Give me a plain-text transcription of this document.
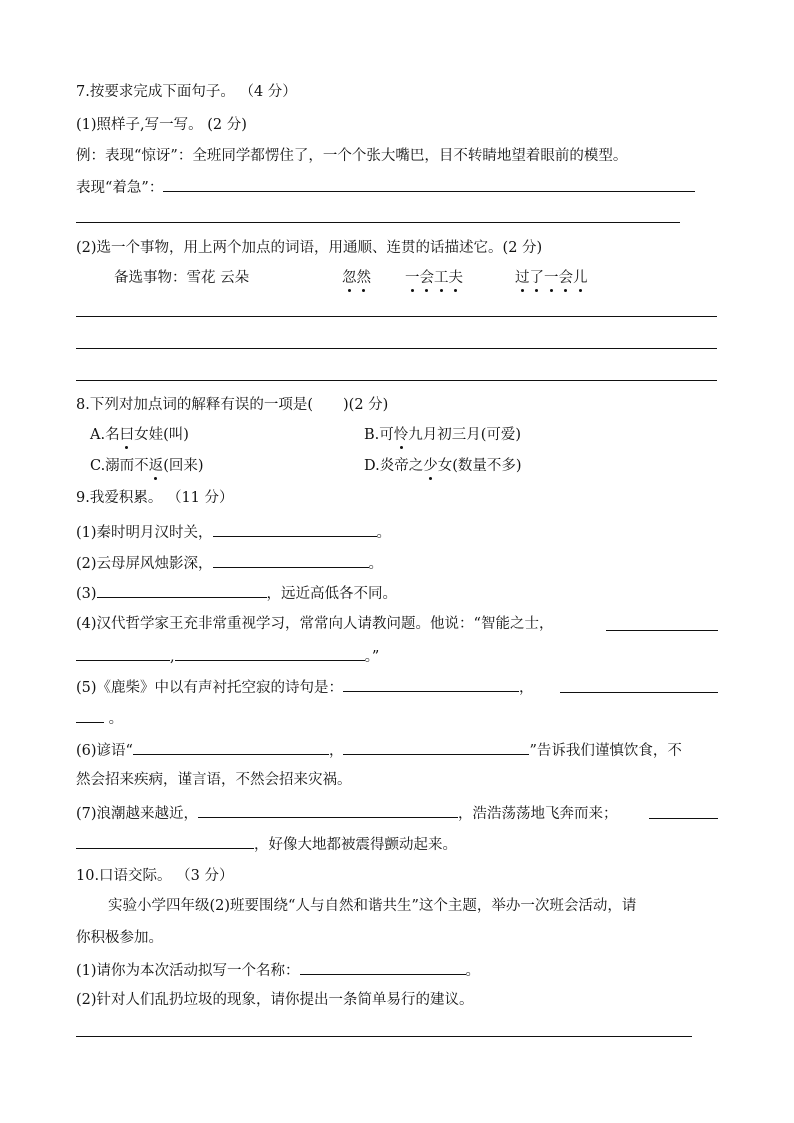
7.按要求完成下面句子。 （4 分）
(1)照样子,写一写。 (2 分)
例：表现“惊讶”：全班同学都愣住了，一个个张大嘴巴，目不转睛地望着眼前的模型。
表现“着急”：
(2)选一个事物，用上两个加点的词语，用通顺、连贯的话描述它。(2 分)
备选事物：雪花 云朵	忽然 一会工夫	过了一会儿
8.下列对加点词的解释有误的一项是( )(2 分)
A.名曰女娃(叫)	B.可怜九月初三月(可爱)
C.溺而不返(回来)	D.炎帝之少女(数量不多)
9.我爱积累。 （11 分）
(1)秦时明月汉时关，	。
(2)云母屏风烛影深，	。
(3)	，远近高低各不同。
(4)汉代哲学家王充非常重视学习，常常向人请教问题。他说：“智能之士，
,	。”
(5)《鹿柴》中以有声衬托空寂的诗句是：	，
。
(6)谚语“	，	”告诉我们谨慎饮食，不
然会招来疾病，谨言语，不然会招来灾祸。
(7)浪潮越来越近，	，浩浩荡荡地飞奔而来；
，好像大地都被震得颤动起来。
10.口语交际。 （3 分）
实验小学四年级(2)班要围绕“人与自然和谐共生”这个主题，举办一次班会活动，请
你积极参加。
(1)请你为本次活动拟写一个名称：	。
(2)针对人们乱扔垃圾的现象，请你提出一条简单易行的建议。
